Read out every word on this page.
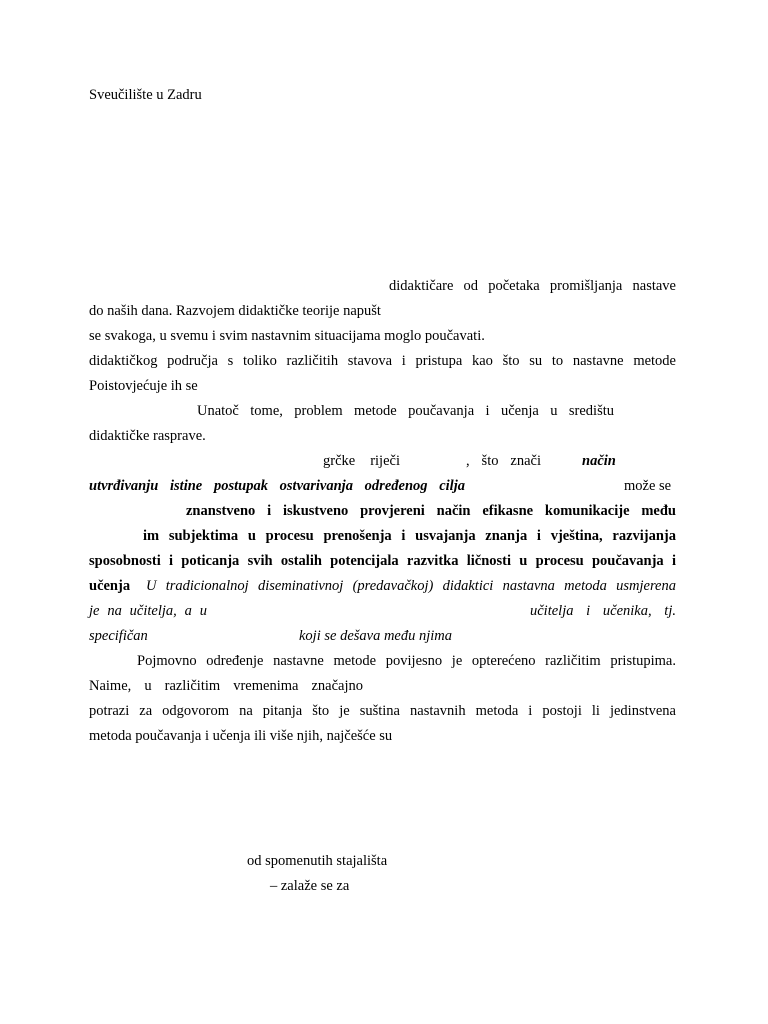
Sveučilište u Zadru
didaktičare od početaka promišljanja nastave
do naših dana. Razvojem didaktičke teorije napušt
se svakoga, u svemu i svim nastavnim situacijama moglo poučavati.
didaktičkog područja s toliko različitih stavova i pristupa kao što su to nastavne metode
Poistovjećuje ih se
Unatoč tome, problem metode poučavanja i učenja u središtu
didaktičke rasprave.
grčke riječi	, što znači	način
utvrđivanju istine postupak ostvarivanja određenog cilja	može se
znanstveno i iskustveno provjereni način efikasne komunikacije među
im subjektima u procesu prenošenja i usvajanja znanja i vještina, razvijanja
sposobnosti i poticanja svih ostalih potencijala razvitka ličnosti u procesu poučavanja i
učenja U tradicionalnoj diseminativnoj (predavačkoj) didaktici nastavna metoda usmjerena
je na učitelja, a u	učitelja i učenika, tj.
specifičan	koji se dešava među njima
Pojmovno određenje nastavne metode povijesno je opterećeno različitim pristupima.
Naime, u različitim vremenima značajno
potrazi za odgovorom na pitanja što je suština nastavnih metoda i postoji li jedinstvena
metoda poučavanja i učenja ili više njih, najčešće su
od spomenutih stajališta
– zalaže se za
